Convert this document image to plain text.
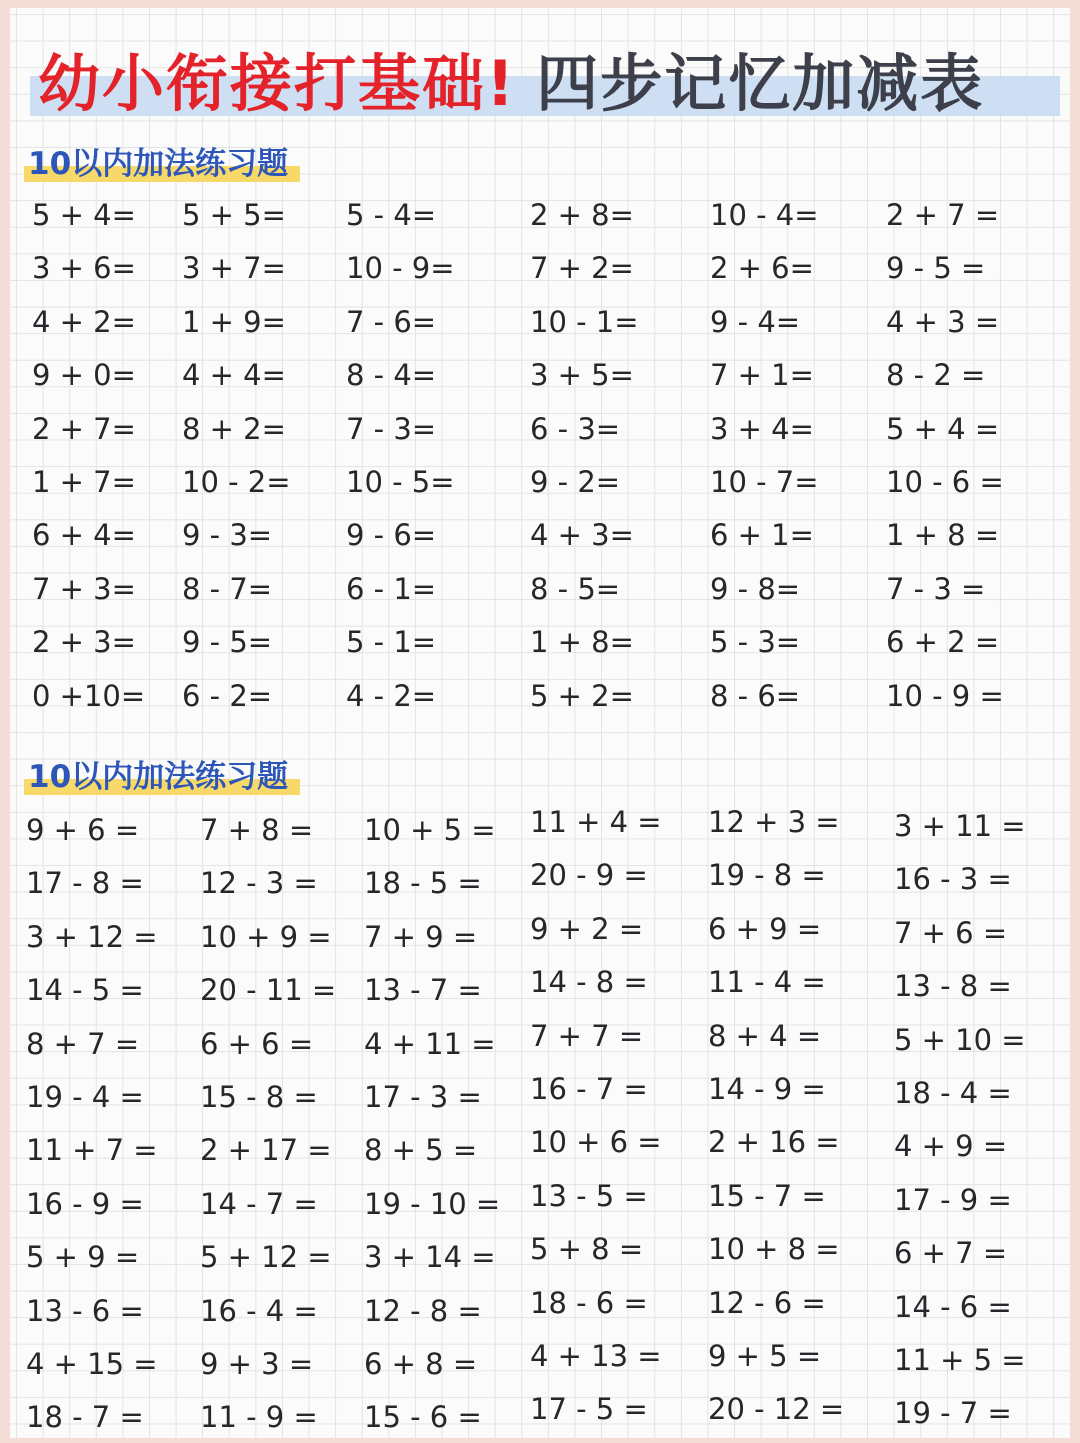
幼小衔接打基础! 四步记忆加减表
10以内加法练习题
5 + 4=
3 + 6=
4 + 2=
9 + 0=
2 + 7=
1 + 7=
6 + 4=
7 + 3=
2 + 3=
0 +10=
5 + 5=
3 + 7=
1 + 9=
4 + 4=
8 + 2=
10 - 2=
9 - 3=
8 - 7=
9 - 5=
6 - 2=
5 - 4=
10 - 9=
7 - 6=
8 - 4=
7 - 3=
10 - 5=
9 - 6=
6 - 1=
5 - 1=
4 - 2=
2 + 8=
7 + 2=
10 - 1=
3 + 5=
6 - 3=
9 - 2=
4 + 3=
8 - 5=
1 + 8=
5 + 2=
10 - 4=
2 + 6=
9 - 4=
7 + 1=
3 + 4=
10 - 7=
6 + 1=
9 - 8=
5 - 3=
8 - 6=
2 + 7 =
9 - 5 =
4 + 3 =
8 - 2 =
5 + 4 =
10 - 6 =
1 + 8 =
7 - 3 =
6 + 2 =
10 - 9 =
10以内加法练习题
9 + 6 =
17 - 8 =
3 + 12 =
14 - 5 =
8 + 7 =
19 - 4 =
11 + 7 =
16 - 9 =
5 + 9 =
13 - 6 =
4 + 15 =
18 - 7 =
7 + 8 =
12 - 3 =
10 + 9 =
20 - 11 =
6 + 6 =
15 - 8 =
2 + 17 =
14 - 7 =
5 + 12 =
16 - 4 =
9 + 3 =
11 - 9 =
10 + 5 =
18 - 5 =
7 + 9 =
13 - 7 =
4 + 11 =
17 - 3 =
8 + 5 =
19 - 10 =
3 + 14 =
12 - 8 =
6 + 8 =
15 - 6 =
11 + 4 =
20 - 9 =
9 + 2 =
14 - 8 =
7 + 7 =
16 - 7 =
10 + 6 =
13 - 5 =
5 + 8 =
18 - 6 =
4 + 13 =
17 - 5 =
12 + 3 =
19 - 8 =
6 + 9 =
11 - 4 =
8 + 4 =
14 - 9 =
2 + 16 =
15 - 7 =
10 + 8 =
12 - 6 =
9 + 5 =
20 - 12 =
3 + 11 =
16 - 3 =
7 + 6 =
13 - 8 =
5 + 10 =
18 - 4 =
4 + 9 =
17 - 9 =
6 + 7 =
14 - 6 =
11 + 5 =
19 - 7 =
